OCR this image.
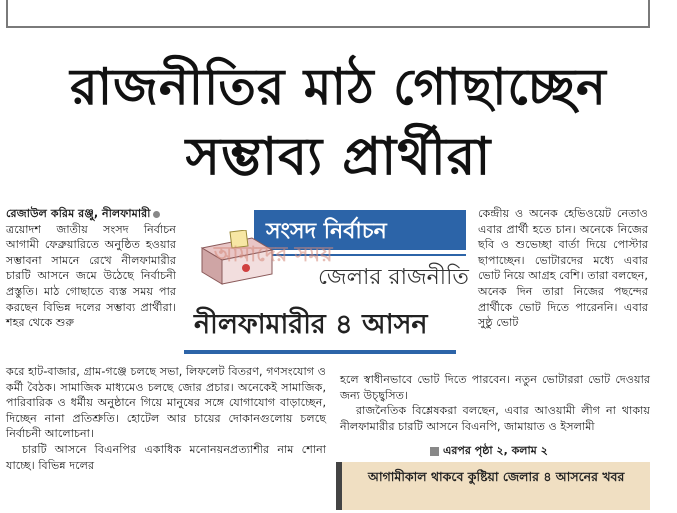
রাজনীতির মাঠ গোছাচ্ছেন
সম্ভাব্য প্রার্থীরা

রেজাউল করিম রঞ্জু, নীলফামারী

ত্রয়োদশ জাতীয় সংসদ নির্বাচন আগামী ফেব্রুয়ারিতে অনুষ্ঠিত হওয়ার সম্ভাবনা সামনে রেখে নীলফামারীর চারটি আসনে জমে উঠেছে নির্বাচনী প্রস্তুতি। মাঠ গোছাতে ব্যস্ত সময় পার করছেন বিভিন্ন দলের সম্ভাব্য প্রার্থীরা। শহর থেকে শুরু

সংসদ নির্বাচন
জেলার রাজনীতি
নীলফামারীর ৪ আসন
আমাদের সময়

কেন্দ্রীয় ও অনেক হেভিওয়েট নেতাও এবার প্রার্থী হতে চান। অনেকে নিজের ছবি ও শুভেচ্ছা বার্তা দিয়ে পোস্টার ছাপাচ্ছেন। ভোটারদের মধ্যে এবার ভোট নিয়ে আগ্রহ বেশি। তারা বলছেন, অনেক দিন তারা নিজের পছন্দের প্রার্থীকে ভোট দিতে পারেননি। এবার সুষ্ঠু ভোট

করে হাট-বাজার, গ্রাম-গঞ্জে চলছে সভা, লিফলেট বিতরণ, গণসংযোগ ও কর্মী বৈঠক। সামাজিক মাধ্যমেও চলছে জোর প্রচার। অনেকেই সামাজিক, পারিবারিক ও ধর্মীয় অনুষ্ঠানে গিয়ে মানুষের সঙ্গে যোগাযোগ বাড়াচ্ছেন, দিচ্ছেন নানা প্রতিশ্রুতি। হোটেল আর চায়ের দোকানগুলোয় চলছে নির্বাচনী আলোচনা।

চারটি আসনে বিএনপির একাধিক মনোনয়নপ্রত্যাশীর নাম শোনা যাচ্ছে। বিভিন্ন দলের

হলে স্বাধীনভাবে ভোট দিতে পারবেন। নতুন ভোটাররা ভোট দেওয়ার জন্য উচ্ছ্বসিত।

রাজনৈতিক বিশ্লেষকরা বলছেন, এবার আওয়ামী লীগ না থাকায় নীলফামারীর চারটি আসনে বিএনপি, জামায়াত ও ইসলামী

এরপর পৃষ্ঠা ২, কলাম ২
আগামীকাল থাকবে কুষ্টিয়া জেলার ৪ আসনের খবর
